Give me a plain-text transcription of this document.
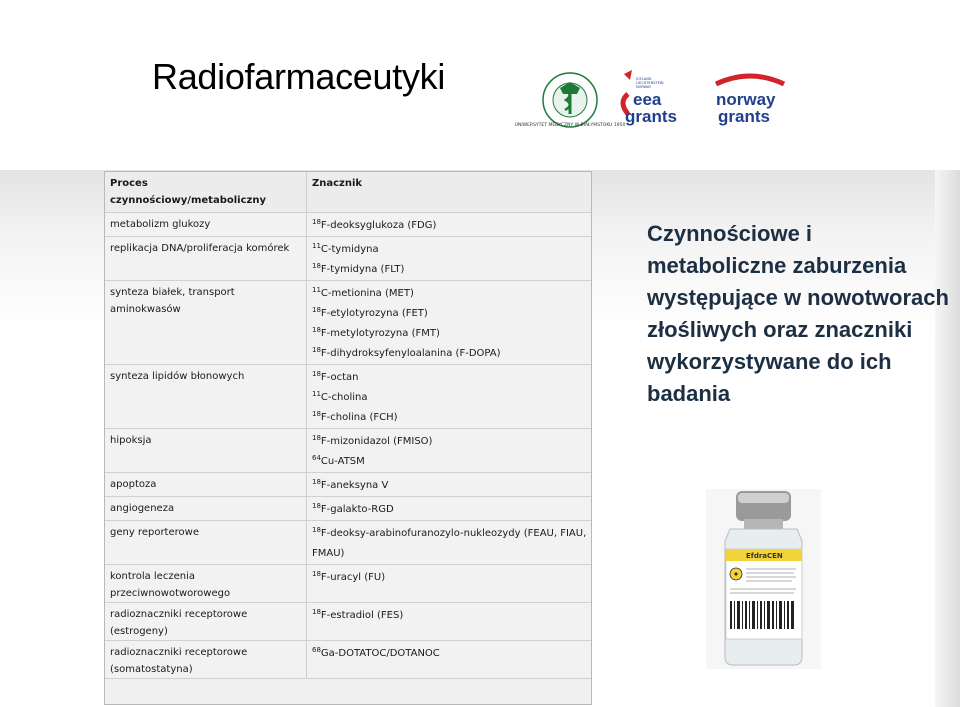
Radiofarmaceutyki
UNIWERSYTET MEDYCZNY W BIAŁYMSTOKU 1950
ICELAND
LIECHTENSTEIN
NORWAY
eea
grants
norway
grants
Proces czynnościowy/metaboliczny	Znacznik
metabolizm glukozy	$^{18}$F-deoksyglukoza (FDG)

replikacja DNA/proliferacja komórek	$^{11}$C-tymidyna
$^{18}$F-tymidyna (FLT)

synteza białek, transport aminokwasów	$^{11}$C-metionina (MET)
$^{18}$F-etylotyrozyna (FET)
$^{18}$F-metylotyrozyna (FMT)
$^{18}$F-dihydroksyfenyloalanina (F-DOPA)

synteza lipidów błonowych	$^{18}$F-octan
$^{11}$C-cholina
$^{18}$F-cholina (FCH)

hipoksja	$^{18}$F-mizonidazol (FMISO)
$^{64}$Cu-ATSM

apoptoza	$^{18}$F-aneksyna V

angiogeneza	$^{18}$F-galakto-RGD

geny reporterowe	$^{18}$F-deoksy-arabinofuranozylo-nukleozydy (FEAU, FIAU, FMAU)

kontrola leczenia przeciwnowotworowego	$^{18}$F-uracyl (FU)

radioznaczniki receptorowe (estrogeny)	$^{18}$F-estradiol (FES)

radioznaczniki receptorowe (somatostatyna)	$^{68}$Ga-DOTATOC/DOTANOC
Czynnościowe i metaboliczne zaburzenia występujące w nowotworach złośliwych oraz znaczniki wykorzystywane do ich badania
EfdraCEN
